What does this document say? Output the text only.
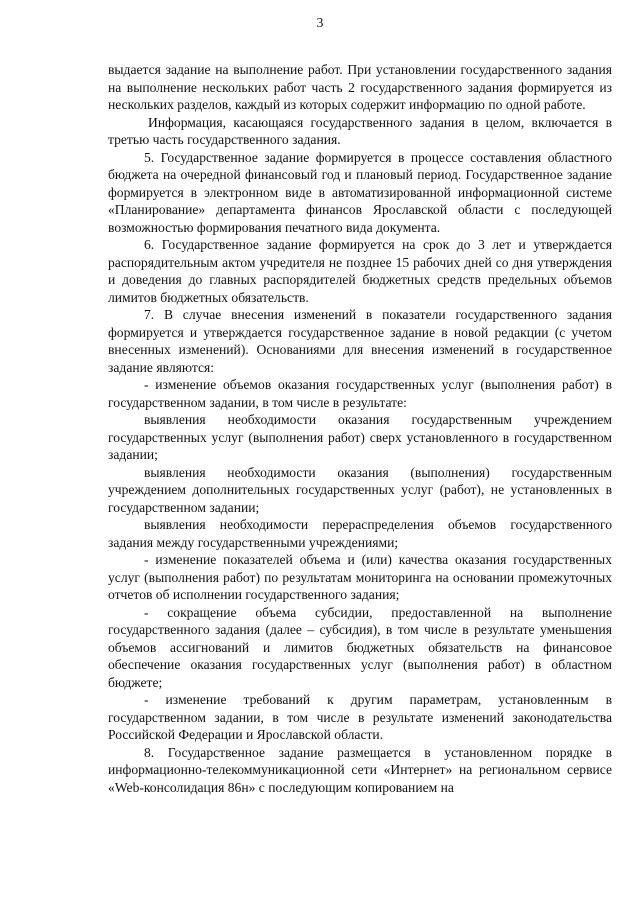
3

выдается задание на выполнение работ. При установлении государственного задания на выполнение нескольких работ часть 2 государственного задания формируется из нескольких разделов, каждый из которых содержит информацию по одной работе.

Информация, касающаяся государственного задания в целом, включается в третью часть государственного задания.

5. Государственное задание формируется в процессе составления областного бюджета на очередной финансовый год и плановый период. Государственное задание формируется в электронном виде в автоматизированной информационной системе «Планирование» департамента финансов Ярославской области с последующей возможностью формирования печатного вида документа.

6. Государственное задание формируется на срок до 3 лет и утверждается распорядительным актом учредителя не позднее 15 рабочих дней со дня утверждения и доведения до главных распорядителей бюджетных средств предельных объемов лимитов бюджетных обязательств.

7. В случае внесения изменений в показатели государственного задания формируется и утверждается государственное задание в новой редакции (с учетом внесенных изменений). Основаниями для внесения изменений в государственное задание являются:

- изменение объемов оказания государственных услуг (выполнения работ) в государственном задании, в том числе в результате:

выявления необходимости оказания государственным учреждением государственных услуг (выполнения работ) сверх установленного в государственном задании;

выявления необходимости оказания (выполнения) государственным учреждением дополнительных государственных услуг (работ), не установленных в государственном задании;

выявления необходимости перераспределения объемов государственного задания между государственными учреждениями;

- изменение показателей объема и (или) качества оказания государственных услуг (выполнения работ) по результатам мониторинга на основании промежуточных отчетов об исполнении государственного задания;

- сокращение объема субсидии, предоставленной на выполнение государственного задания (далее – субсидия), в том числе в результате уменьшения объемов ассигнований и лимитов бюджетных обязательств на финансовое обеспечение оказания государственных услуг (выполнения работ) в областном бюджете;

- изменение требований к другим параметрам, установленным в государственном задании, в том числе в результате изменений законодательства Российской Федерации и Ярославской области.

8. Государственное задание размещается в установленном порядке в информационно-телекоммуникационной сети «Интернет» на региональном сервисе «Web-консолидация 86н» с последующим копированием на
